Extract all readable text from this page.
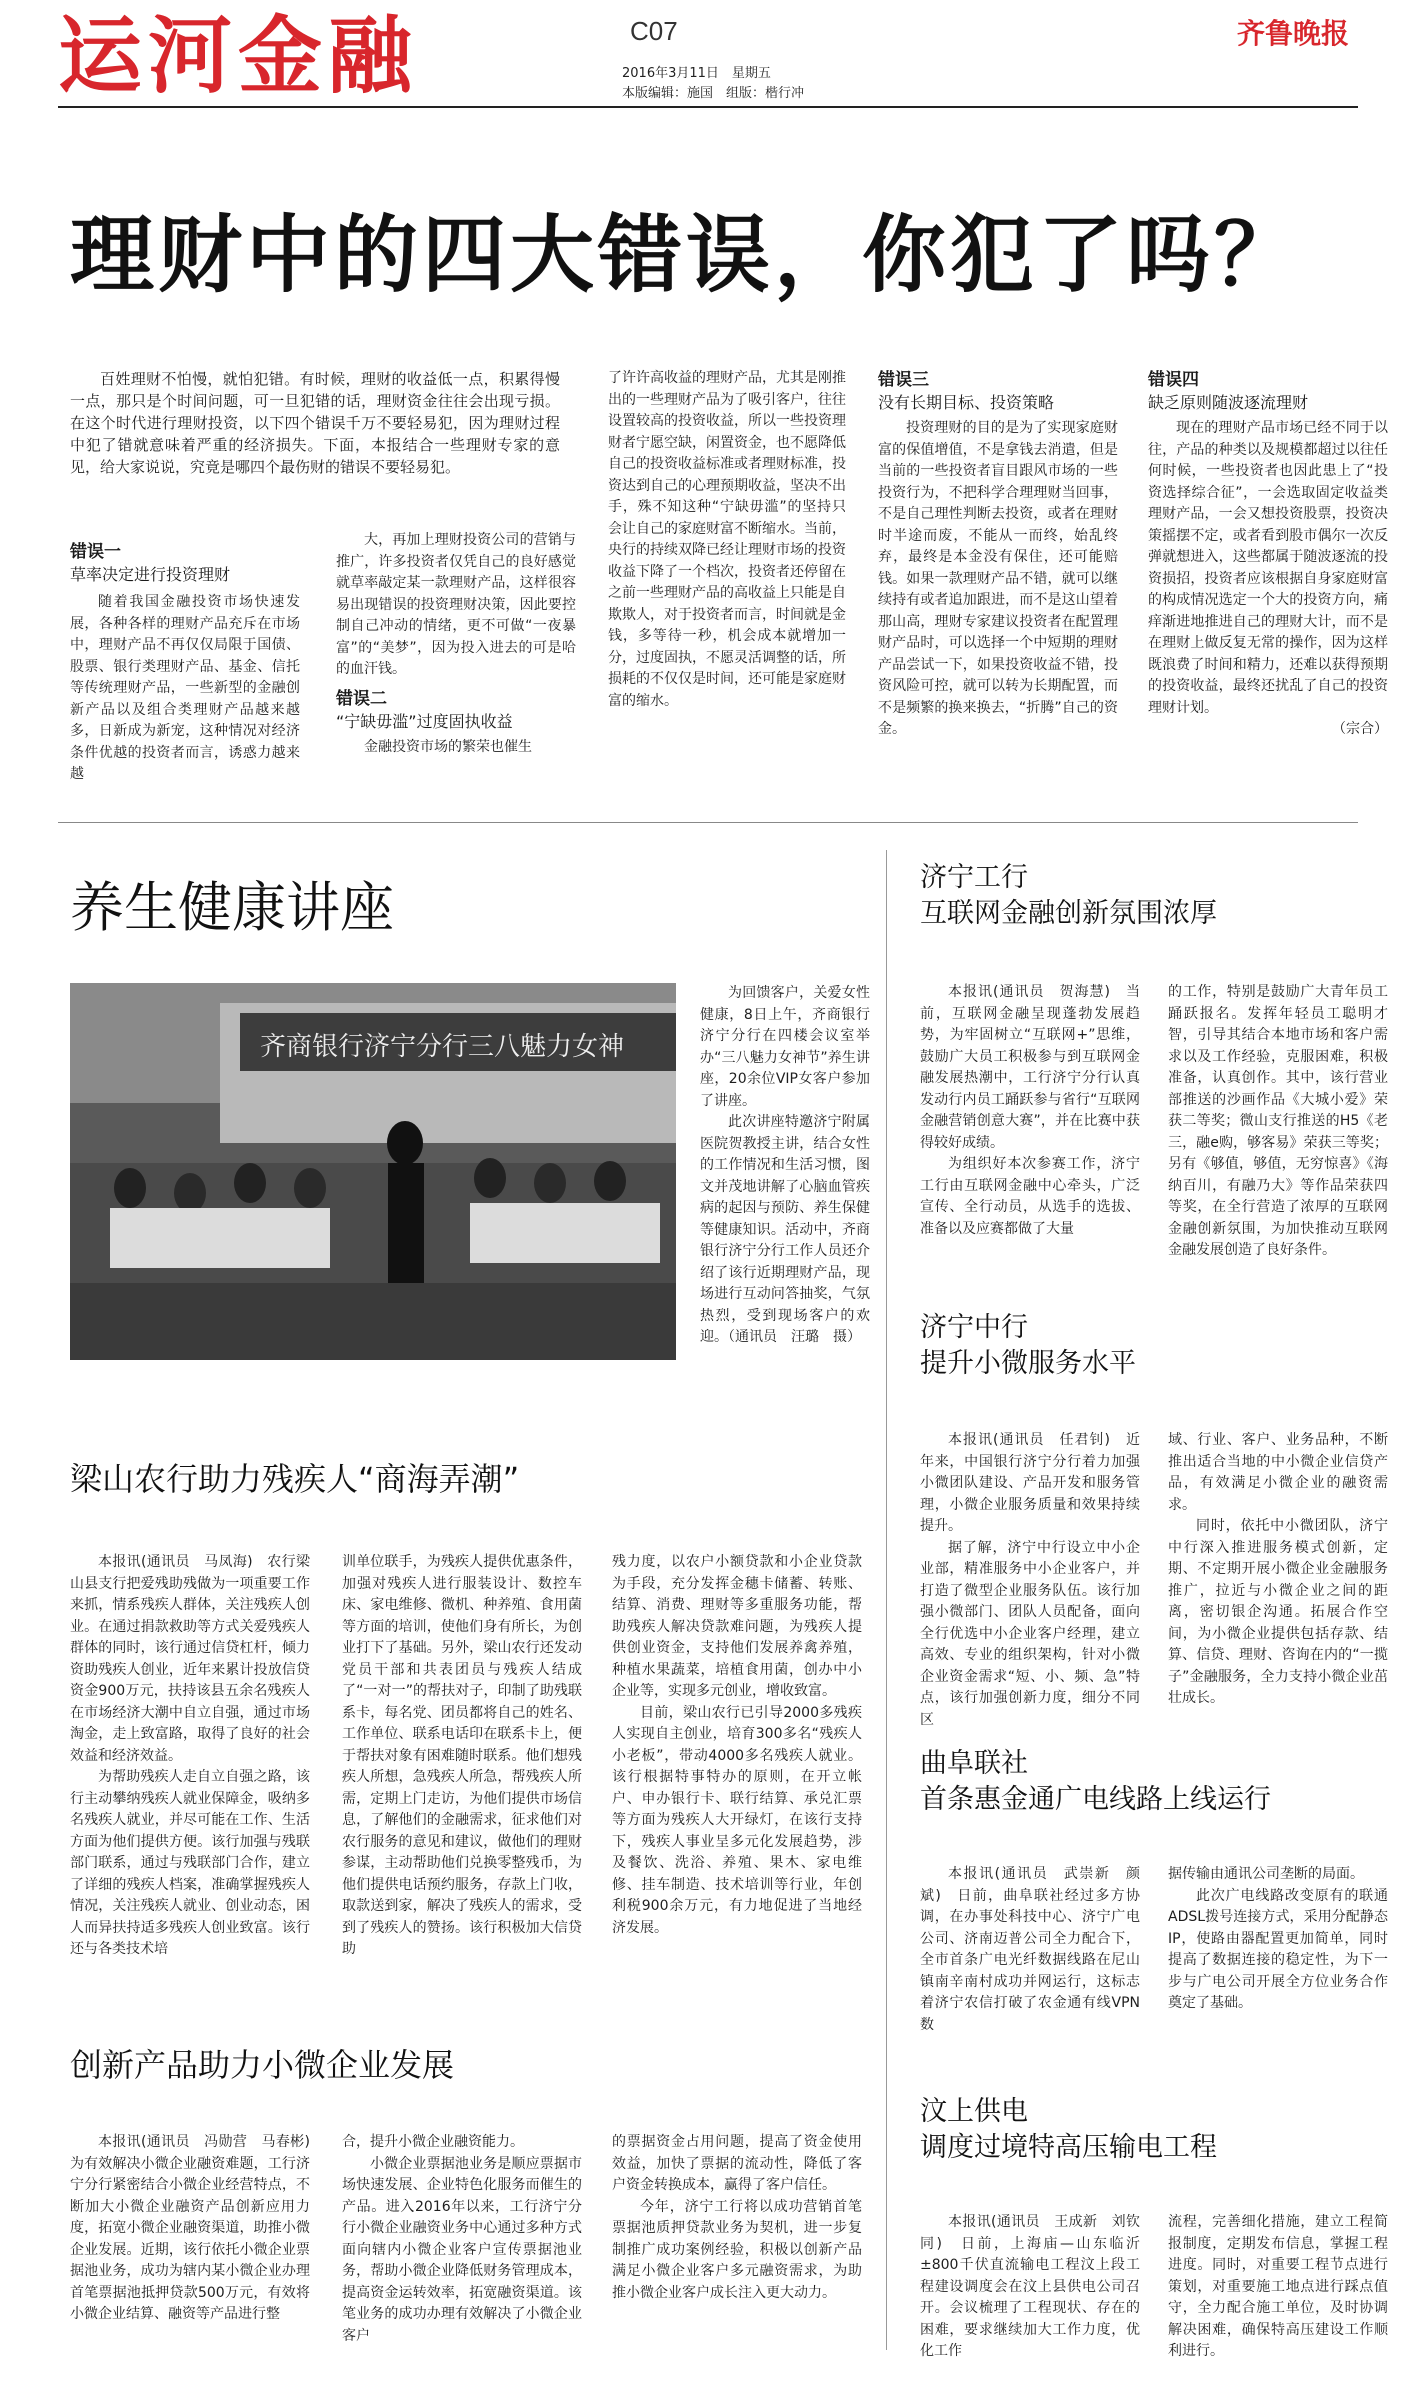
运河金融	C07
2016年3月11日　星期五
本版编辑：施国　组版：楷行冲
齐鲁晚报
理财中的四大错误，你犯了吗？
百姓理财不怕慢，就怕犯错。有时候，理财的收益低一点，积累得慢一点，那只是个时间问题，可一旦犯错的话，理财资金往往会出现亏损。在这个时代进行理财投资，以下四个错误千万不要轻易犯，因为理财过程中犯了错就意味着严重的经济损失。下面，本报结合一些理财专家的意见，给大家说说，究竟是哪四个最伤财的错误不要轻易犯。
错误一
草率决定进行投资理财
随着我国金融投资市场快速发展，各种各样的理财产品充斥在市场中，理财产品不再仅仅局限于国债、股票、银行类理财产品、基金、信托等传统理财产品，一些新型的金融创新产品以及组合类理财产品越来越多，日新成为新宠，这种情况对经济条件优越的投资者而言，诱惑力越来越
大，再加上理财投资公司的营销与推广，许多投资者仅凭自己的良好感觉就草率敲定某一款理财产品，这样很容易出现错误的投资理财决策，因此要控制自己冲动的情绪，更不可做“一夜暴富”的“美梦”，因为投入进去的可是哈的血汗钱。
错误二
“宁缺毋滥”过度固执收益
金融投资市场的繁荣也催生
了许许高收益的理财产品，尤其是刚推出的一些理财产品为了吸引客户，往往设置较高的投资收益，所以一些投资理财者宁愿空缺，闲置资金，也不愿降低自己的投资收益标准或者理财标准，投资达到自己的心理预期收益，坚决不出手，殊不知这种“宁缺毋滥”的坚持只会让自己的家庭财富不断缩水。当前，央行的持续双降已经让理财市场的投资收益下降了一个档次，投资者还停留在之前一些理财产品的高收益上只能是自欺欺人，对于投资者而言，时间就是金钱，多等待一秒，机会成本就增加一分，过度固执，不愿灵活调整的话，所损耗的不仅仅是时间，还可能是家庭财富的缩水。
错误三
没有长期目标、投资策略
投资理财的目的是为了实现家庭财富的保值增值，不是拿钱去消遣，但是当前的一些投资者盲目跟风市场的一些投资行为，不把科学合理理财当回事，不是自己理性判断去投资，或者在理财时半途而废，不能从一而终，始乱终弃，最终是本金没有保住，还可能赔钱。如果一款理财产品不错，就可以继续持有或者追加跟进，而不是这山望着那山高，理财专家建议投资者在配置理财产品时，可以选择一个中短期的理财产品尝试一下，如果投资收益不错，投资风险可控，就可以转为长期配置，而不是频繁的换来换去，“折腾”自己的资金。
错误四
缺乏原则随波逐流理财
现在的理财产品市场已经不同于以往，产品的种类以及规模都超过以往任何时候，一些投资者也因此患上了“投资选择综合征”，一会选取固定收益类理财产品，一会又想投资股票，投资决策摇摆不定，或者看到股市偶尔一次反弹就想进入，这些都属于随波逐流的投资损招，投资者应该根据自身家庭财富的构成情况选定一个大的投资方向，痛痒渐进地推进自己的理财大计，而不是在理财上做反复无常的操作，因为这样既浪费了时间和精力，还难以获得预期的投资收益，最终还扰乱了自己的投资理财计划。
（宗合）
养生健康讲座
齐商银行济宁分行三八魅力女神
为回馈客户，关爱女性健康，8日上午，齐商银行济宁分行在四楼会议室举办“三八魅力女神节”养生讲座，20余位VIP女客户参加了讲座。
此次讲座特邀济宁附属医院贺教授主讲，结合女性的工作情况和生活习惯，图文并茂地讲解了心脑血管疾病的起因与预防、养生保健等健康知识。活动中，齐商银行济宁分行工作人员还介绍了该行近期理财产品，现场进行互动问答抽奖，气氛热烈，受到现场客户的欢迎。（通讯员　汪璐　摄）
梁山农行助力残疾人“商海弄潮”
本报讯(通讯员　马凤海)　农行梁山县支行把爱残助残做为一项重要工作来抓，情系残疾人群体，关注残疾人创业。在通过捐款救助等方式关爱残疾人群体的同时，该行通过信贷杠杆，倾力资助残疾人创业，近年来累计投放信贷资金900万元，扶持该县五余名残疾人在市场经济大潮中自立自强，通过市场淘金，走上致富路，取得了良好的社会效益和经济效益。
为帮助残疾人走自立自强之路，该行主动攀纳残疾人就业保障金，吸纳多名残疾人就业，并尽可能在工作、生活方面为他们提供方便。该行加强与残联部门联系，通过与残联部门合作，建立了详细的残疾人档案，准确掌握残疾人情况，关注残疾人就业、创业动态，困人而异扶持适多残疾人创业致富。该行还与各类技术培
训单位联手，为残疾人提供优惠条件，加强对残疾人进行服装设计、数控车床、家电维修、微机、种养殖、食用菌等方面的培训，使他们身有所长，为创业打下了基础。另外，梁山农行还发动党员干部和共表团员与残疾人结成了“一对一”的帮扶对子，印制了助残联系卡，每名党、团员都将自己的姓名、工作单位、联系电话印在联系卡上，便于帮扶对象有困难随时联系。他们想残疾人所想，急残疾人所急，帮残疾人所需，定期上门走访，为他们提供市场信息，了解他们的金融需求，征求他们对农行服务的意见和建议，做他们的理财参谋，主动帮助他们兑换零整残币，为他们提供电话预约服务，存款上门收，取款送到家，解决了残疾人的需求，受到了残疾人的赞扬。该行积极加大信贷助
残力度，以农户小额贷款和小企业贷款为手段，充分发挥金穗卡储蓄、转账、结算、消费、理财等多重服务功能，帮助残疾人解决贷款难问题，为残疾人提供创业资金，支持他们发展养禽养殖，种植水果蔬菜，培植食用菌，创办中小企业等，实现多元创业，增收致富。
目前，梁山农行已引导2000多残疾人实现自主创业，培育300多名“残疾人小老板”，带动4000多名残疾人就业。该行根据特事特办的原则，在开立帐户、申办银行卡、联行结算、承兑汇票等方面为残疾人大开绿灯，在该行支持下，残疾人事业呈多元化发展趋势，涉及餐饮、洗浴、养殖、果木、家电维修、挂车制造、技术培训等行业，年创利税900余万元，有力地促进了当地经济发展。
创新产品助力小微企业发展
本报讯(通讯员　冯勋营　马春彬)　为有效解决小微企业融资难题，工行济宁分行紧密结合小微企业经营特点，不断加大小微企业融资产品创新应用力度，拓宽小微企业融资渠道，助推小微企业发展。近期，该行依托小微企业票据池业务，成功为辖内某小微企业办理首笔票据池抵押贷款500万元，有效将小微企业结算、融资等产品进行整
合，提升小微企业融资能力。
小微企业票据池业务是顺应票据市场快速发展、企业特色化服务而催生的产品。进入2016年以来，工行济宁分行小微企业融资业务中心通过多种方式面向辖内小微企业客户宣传票据池业务，帮助小微企业降低财务管理成本，提高资金运转效率，拓宽融资渠道。该笔业务的成功办理有效解决了小微企业客户
的票据资金占用问题，提高了资金使用效益，加快了票据的流动性，降低了客户资金转换成本，赢得了客户信任。
今年，济宁工行将以成功营销首笔票据池质押贷款业务为契机，进一步复制推广成功案例经验，积极以创新产品满足小微企业客户多元融资需求，为助推小微企业客户成长注入更大动力。
济宁工行
互联网金融创新氛围浓厚
本报讯(通讯员　贺海慧)　当前，互联网金融呈现蓬勃发展趋势，为牢固树立“互联网+”思维，鼓励广大员工积极参与到互联网金融发展热潮中，工行济宁分行认真发动行内员工踊跃参与省行“互联网金融营销创意大赛”，并在比赛中获得较好成绩。
为组织好本次参赛工作，济宁工行由互联网金融中心牵头，广泛宣传、全行动员，从选手的选拔、准备以及应赛都做了大量
的工作，特别是鼓励广大青年员工踊跃报名。发挥年轻员工聪明才智，引导其结合本地市场和客户需求以及工作经验，克服困难，积极准备，认真创作。其中，该行营业部推送的沙画作品《大城小爱》荣获二等奖；微山支行推送的H5《老三，融e购，够客易》荣获三等奖；另有《够值，够值，无穷惊喜》《海纳百川，有融乃大》等作品荣获四等奖，在全行营造了浓厚的互联网金融创新氛围，为加快推动互联网金融发展创造了良好条件。
济宁中行
提升小微服务水平
本报讯(通讯员　任君钊)　近年来，中国银行济宁分行着力加强小微团队建设、产品开发和服务管理，小微企业服务质量和效果持续提升。
据了解，济宁中行设立中小企业部，精准服务中小企业客户，并打造了微型企业服务队伍。该行加强小微部门、团队人员配备，面向全行优选中小企业客户经理，建立高效、专业的组织架构，针对小微企业资金需求“短、小、频、急”特点，该行加强创新力度，细分不同区
域、行业、客户、业务品种，不断推出适合当地的中小微企业信贷产品，有效满足小微企业的融资需求。
同时，依托中小微团队，济宁中行深入推进服务模式创新，定期、不定期开展小微企业金融服务推广，拉近与小微企业之间的距离，密切银企沟通。拓展合作空间，为小微企业提供包括存款、结算、信贷、理财、咨询在内的“一揽子”金融服务，全力支持小微企业茁壮成长。
曲阜联社
首条惠金通广电线路上线运行
本报讯(通讯员　武崇新　颜斌)　日前，曲阜联社经过多方协调，在办事处科技中心、济宁广电公司、济南迈普公司全力配合下，全市首条广电光纤数据线路在尼山镇南辛南村成功并网运行，这标志着济宁农信打破了农金通有线VPN数
据传输由通讯公司垄断的局面。
此次广电线路改变原有的联通ADSL拨号连接方式，采用分配静态IP，使路由器配置更加简单，同时提高了数据连接的稳定性，为下一步与广电公司开展全方位业务合作奠定了基础。
汶上供电
调度过境特高压输电工程
本报讯(通讯员　王成新　刘钦同)　日前，上海庙—山东临沂±800千伏直流输电工程汶上段工程建设调度会在汶上县供电公司召开。会议梳理了工程现状、存在的困难，要求继续加大工作力度，优化工作
流程，完善细化措施，建立工程简报制度，定期发布信息，掌握工程进度。同时，对重要工程节点进行策划，对重要施工地点进行踩点值守，全力配合施工单位，及时协调解决困难，确保特高压建设工作顺利进行。
